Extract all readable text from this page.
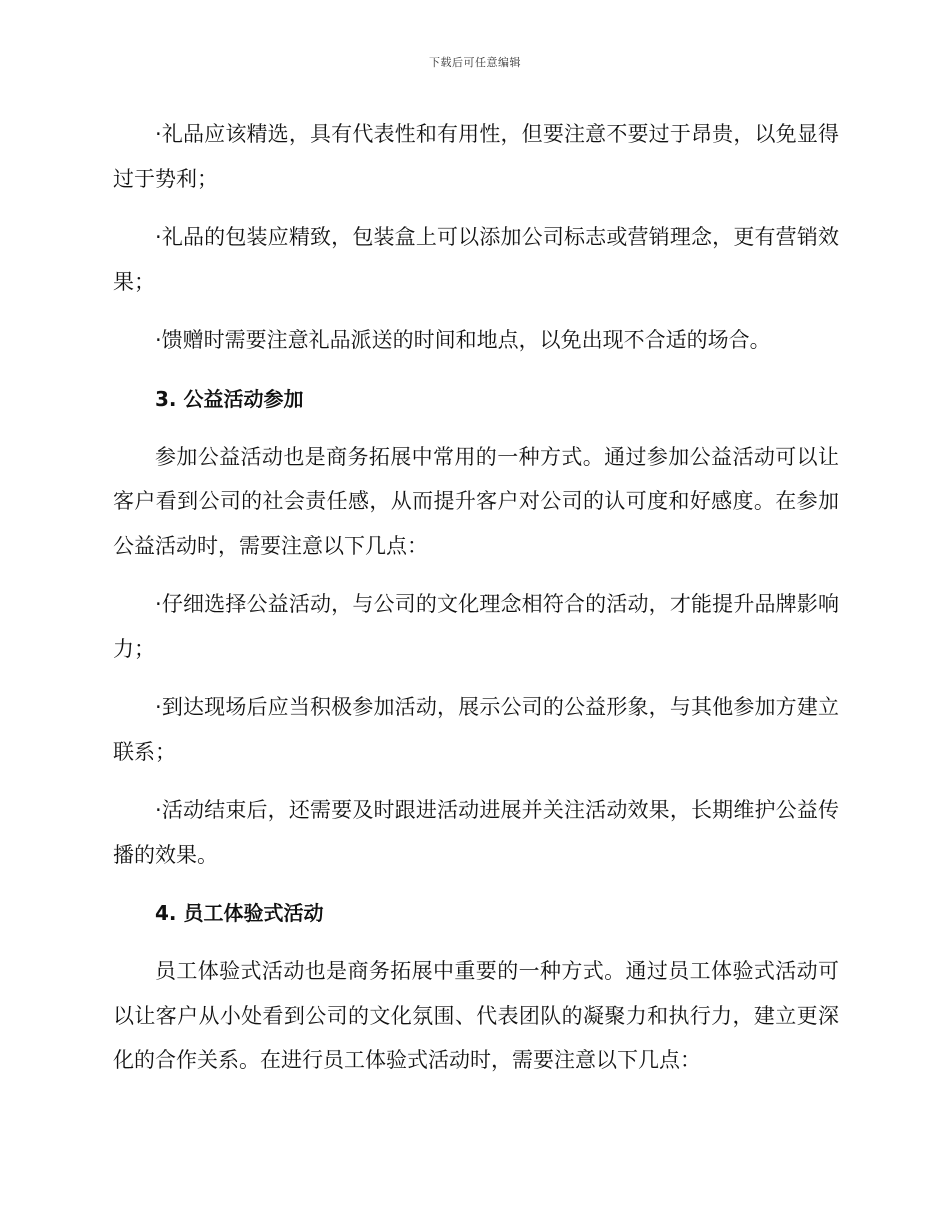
下载后可任意编辑

·礼品应该精选，具有代表性和有用性，但要注意不要过于昂贵，以免显得过于势利；

·礼品的包装应精致，包装盒上可以添加公司标志或营销理念，更有营销效果；

·馈赠时需要注意礼品派送的时间和地点，以免出现不合适的场合。

3. 公益活动参加

参加公益活动也是商务拓展中常用的一种方式。通过参加公益活动可以让客户看到公司的社会责任感，从而提升客户对公司的认可度和好感度。在参加公益活动时，需要注意以下几点：

·仔细选择公益活动，与公司的文化理念相符合的活动，才能提升品牌影响力；

·到达现场后应当积极参加活动，展示公司的公益形象，与其他参加方建立联系；

·活动结束后，还需要及时跟进活动进展并关注活动效果，长期维护公益传播的效果。

4. 员工体验式活动

员工体验式活动也是商务拓展中重要的一种方式。通过员工体验式活动可以让客户从小处看到公司的文化氛围、代表团队的凝聚力和执行力，建立更深化的合作关系。在进行员工体验式活动时，需要注意以下几点：
